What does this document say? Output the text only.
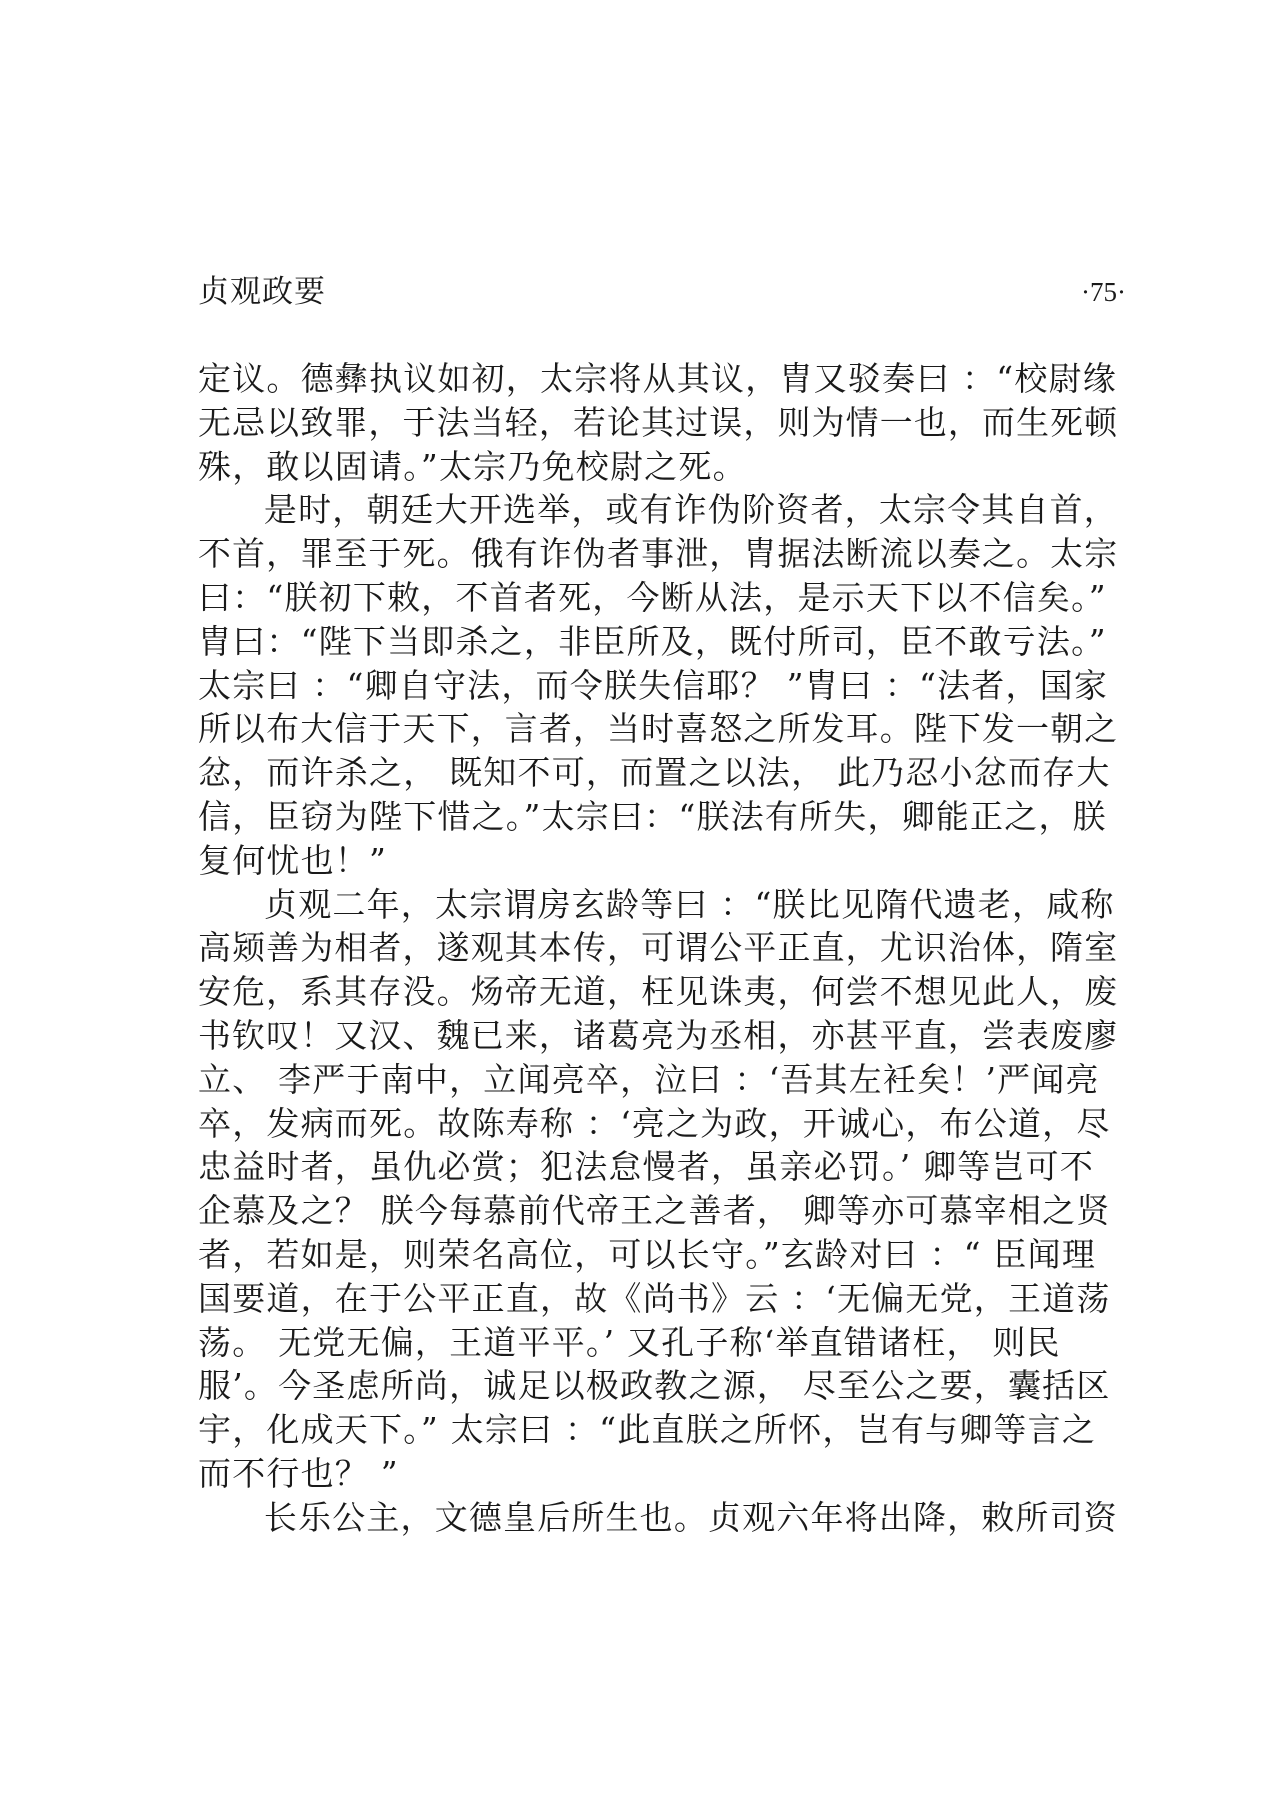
贞观政要	·75·
定议。德彝执议如初，太宗将从其议，胄又驳奏曰 ：“校尉缘
无忌以致罪，于法当轻，若论其过误，则为情一也，而生死顿
殊，敢以固请。”太宗乃免校尉之死。
是时，朝廷大开选举，或有诈伪阶资者，太宗令其自首，
不首，罪至于死。俄有诈伪者事泄，胄据法断流以奏之。太宗
曰：“朕初下敕，不首者死，今断从法，是示天下以不信矣。”
胄曰：“陛下当即杀之，非臣所及，既付所司，臣不敢亏法。”
太宗曰 ：“卿自守法，而令朕失信耶？ ”胄曰 ：“法者，国家
所以布大信于天下，言者，当时喜怒之所发耳。陛下发一朝之
忿，而许杀之， 既知不可，而置之以法， 此乃忍小忿而存大
信，臣窃为陛下惜之。”太宗曰：“朕法有所失，卿能正之，朕
复何忧也！”
贞观二年，太宗谓房玄龄等曰 ：“朕比见隋代遗老，咸称
高颎善为相者，遂观其本传，可谓公平正直，尤识治体，隋室
安危，系其存没。炀帝无道，枉见诛夷，何尝不想见此人，废
书钦叹！又汉、魏已来，诸葛亮为丞相，亦甚平直，尝表废廖
立、 李严于南中，立闻亮卒，泣曰 ：‘吾其左衽矣！’严闻亮
卒，发病而死。故陈寿称 ：‘亮之为政，开诚心，布公道，尽
忠益时者，虽仇必赏；犯法怠慢者，虽亲必罚。’ 卿等岂可不
企慕及之？ 朕今每慕前代帝王之善者， 卿等亦可慕宰相之贤
者，若如是，则荣名高位，可以长守。”玄龄对曰 ：“ 臣闻理
国要道，在于公平正直，故《尚书》云 ：‘无偏无党，王道荡
荡。 无党无偏，王道平平。’ 又孔子称‘举直错诸枉， 则民
服’。今圣虑所尚，诚足以极政教之源， 尽至公之要，囊括区
宇，化成天下。” 太宗曰 ：“此直朕之所怀，岂有与卿等言之
而不行也？ ”
长乐公主，文德皇后所生也。贞观六年将出降，敕所司资
